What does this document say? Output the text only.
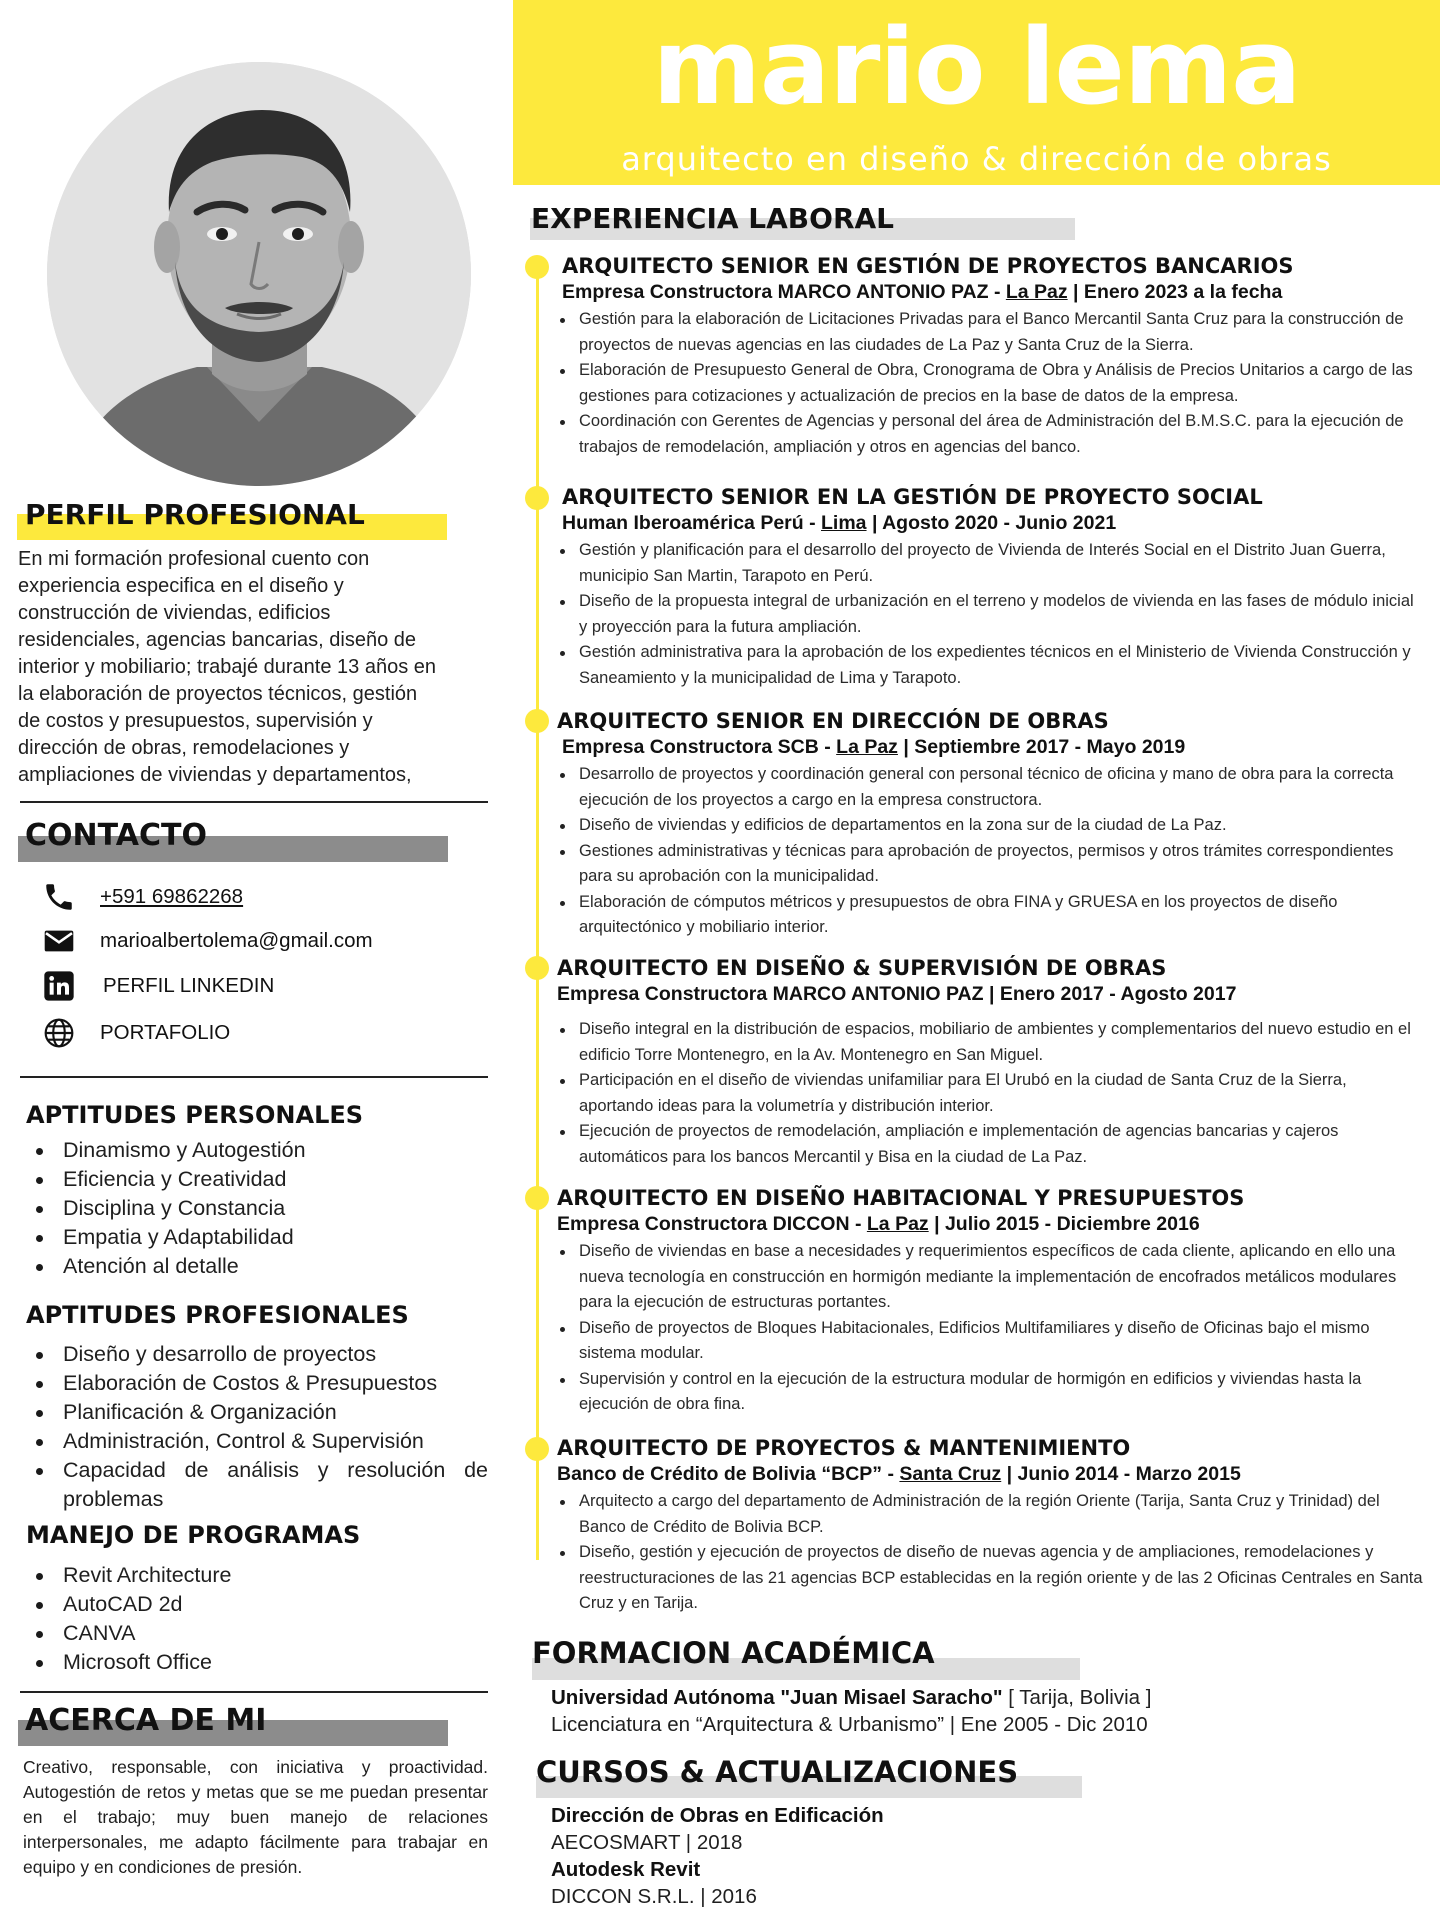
mario lema
arquitecto en diseño & dirección de obras
PERFIL PROFESIONAL
En mi formación profesional cuento con
experiencia especifica en el diseño y
construcción de viviendas, edificios
residenciales, agencias bancarias, diseño de
interior y mobiliario; trabajé durante 13 años en
la elaboración de proyectos técnicos, gestión
de costos y presupuestos, supervisión y
dirección de obras, remodelaciones y
ampliaciones de viviendas y departamentos,
CONTACTO
+591 69862268
marioalbertolema@gmail.com
PERFIL LINKEDIN
PORTAFOLIO
APTITUDES PERSONALES
Dinamismo y Autogestión
Eficiencia y Creatividad
Disciplina y Constancia
Empatia y Adaptabilidad
Atención al detalle
APTITUDES PROFESIONALES
Diseño y desarrollo de proyectos
Elaboración de Costos & Presupuestos
Planificación & Organización
Administración, Control & Supervisión
Capacidad de análisis y resolución de problemas
MANEJO DE PROGRAMAS
Revit Architecture
AutoCAD 2d
CANVA
Microsoft Office
ACERCA DE MI
Creativo, responsable, con iniciativa y proactividad. Autogestión de retos y metas que se me puedan presentar en el trabajo; muy buen manejo de relaciones interpersonales, me adapto fácilmente para trabajar en equipo y en condiciones de presión.
EXPERIENCIA LABORAL
ARQUITECTO SENIOR EN GESTIÓN DE PROYECTOS BANCARIOS
Empresa Constructora MARCO ANTONIO PAZ - La Paz | Enero 2023 a la fecha
Gestión para la elaboración de Licitaciones Privadas para el Banco Mercantil Santa Cruz para la construcción de proyectos de nuevas agencias en las ciudades de La Paz y Santa Cruz de la Sierra.
Elaboración de Presupuesto General de Obra, Cronograma de Obra y Análisis de Precios Unitarios a cargo de las gestiones para cotizaciones y actualización de precios en la base de datos de la empresa.
Coordinación con Gerentes de Agencias y personal del área de Administración del B.M.S.C. para la ejecución de trabajos de remodelación, ampliación y otros en agencias del banco.
ARQUITECTO SENIOR EN LA GESTIÓN DE PROYECTO SOCIAL
Human Iberoamérica Perú - Lima | Agosto 2020 - Junio 2021
Gestión y planificación para el desarrollo del proyecto de Vivienda de Interés Social en el Distrito Juan Guerra, municipio San Martin, Tarapoto en Perú.
Diseño de la propuesta integral de urbanización en el terreno y modelos de vivienda en las fases de módulo inicial y proyección para la futura ampliación.
Gestión administrativa para la aprobación de los expedientes técnicos en el Ministerio de Vivienda Construcción y Saneamiento y la municipalidad de Lima y Tarapoto.
ARQUITECTO SENIOR EN DIRECCIÓN DE OBRAS
Empresa Constructora SCB - La Paz | Septiembre 2017 - Mayo 2019
Desarrollo de proyectos y coordinación general con personal técnico de oficina y mano de obra para la correcta ejecución de los proyectos a cargo en la empresa constructora.
Diseño de viviendas y edificios de departamentos en la zona sur de la ciudad de La Paz.
Gestiones administrativas y técnicas para aprobación de proyectos, permisos y otros trámites correspondientes para su aprobación con la municipalidad.
Elaboración de cómputos métricos y presupuestos de obra FINA y GRUESA en los proyectos de diseño arquitectónico y mobiliario interior.
ARQUITECTO EN DISEÑO & SUPERVISIÓN DE OBRAS
Empresa Constructora MARCO ANTONIO PAZ | Enero 2017 - Agosto 2017
Diseño integral en la distribución de espacios, mobiliario de ambientes y complementarios del nuevo estudio en el edificio Torre Montenegro, en la Av. Montenegro en San Miguel.
Participación en el diseño de viviendas unifamiliar para El Urubó en la ciudad de Santa Cruz de la Sierra, aportando ideas para la volumetría y distribución interior.
Ejecución de proyectos de remodelación, ampliación e implementación de agencias bancarias y cajeros automáticos para los bancos Mercantil y Bisa en la ciudad de La Paz.
ARQUITECTO EN DISEÑO HABITACIONAL Y PRESUPUESTOS
Empresa Constructora DICCON - La Paz | Julio 2015 - Diciembre 2016
Diseño de viviendas en base a necesidades y requerimientos específicos de cada cliente, aplicando en ello una nueva tecnología en construcción en hormigón mediante la implementación de encofrados metálicos modulares para la ejecución de estructuras portantes.
Diseño de proyectos de Bloques Habitacionales, Edificios Multifamiliares y diseño de Oficinas bajo el mismo sistema modular.
Supervisión y control en la ejecución de la estructura modular de hormigón en edificios y viviendas hasta la ejecución de obra fina.
ARQUITECTO DE PROYECTOS & MANTENIMIENTO
Banco de Crédito de Bolivia “BCP” - Santa Cruz | Junio 2014 - Marzo 2015
Arquitecto a cargo del departamento de Administración de la región Oriente (Tarija, Santa Cruz y Trinidad) del Banco de Crédito de Bolivia BCP.
Diseño, gestión y ejecución de proyectos de diseño de nuevas agencia y de ampliaciones, remodelaciones y reestructuraciones de las 21 agencias BCP establecidas en la región oriente y de las 2 Oficinas Centrales en Santa Cruz y en Tarija.
FORMACION ACADÉMICA
Universidad Autónoma "Juan Misael Saracho" [ Tarija, Bolivia ]
Licenciatura en “Arquitectura & Urbanismo” | Ene 2005 - Dic 2010
CURSOS & ACTUALIZACIONES
Dirección de Obras en Edificación
AECOSMART | 2018
Autodesk Revit
DICCON S.R.L. | 2016
